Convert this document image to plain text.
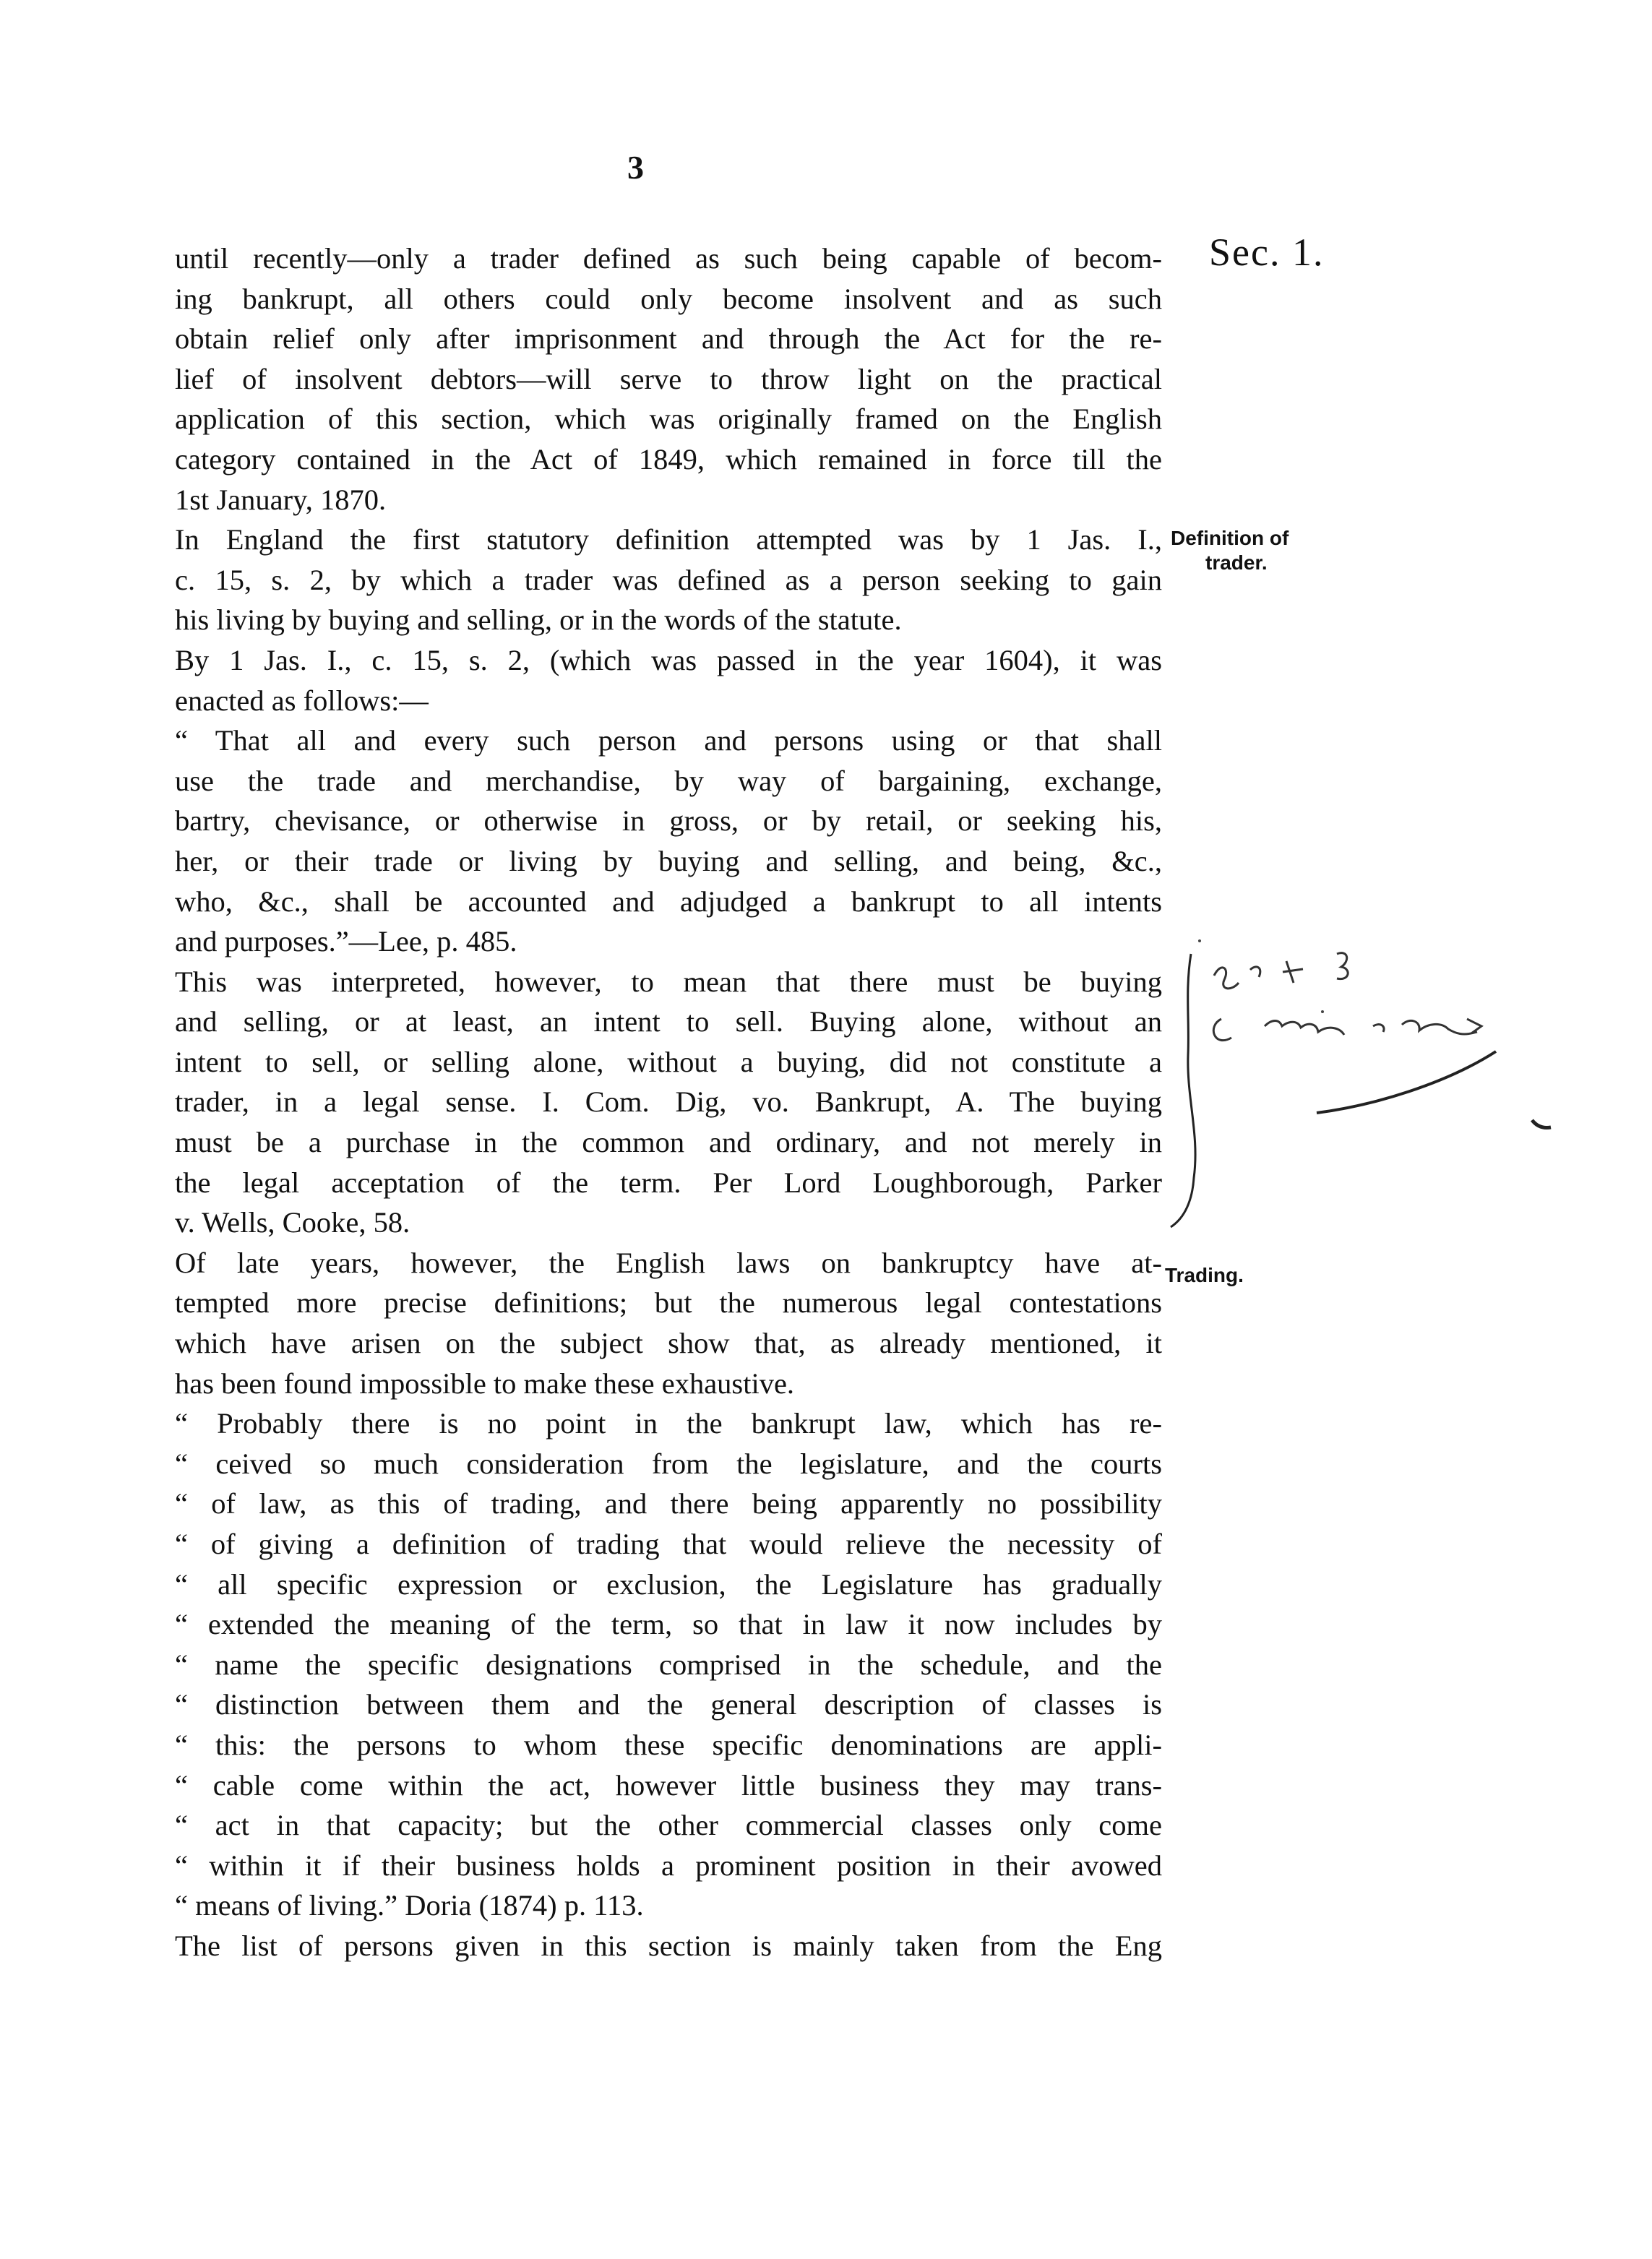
3
Sec. 1.
Definition of
trader.
Trading.
until recently—only a trader defined as such being capable of becom-
ing bankrupt, all others could only become insolvent and as such
obtain relief only after imprisonment and through the Act for the re-
lief of insolvent debtors—will serve to throw light on the practical
application of this section, which was originally framed on the English
category contained in the Act of 1849, which remained in force till the
1st January, 1870.
In England the first statutory definition attempted was by 1 Jas. I.,
c. 15, s. 2, by which a trader was defined as a person seeking to gain
his living by buying and selling, or in the words of the statute.
By 1 Jas. I., c. 15, s. 2, (which was passed in the year 1604), it was
enacted as follows:—
“ That all and every such person and persons using or that shall
use the trade and merchandise, by way of bargaining, exchange,
bartry, chevisance, or otherwise in gross, or by retail, or seeking his,
her, or their trade or living by buying and selling, and being, &c.,
who, &c., shall be accounted and adjudged a bankrupt to all intents
and purposes.”—Lee, p. 485.
This was interpreted, however, to mean that there must be buying
and selling, or at least, an intent to sell. Buying alone, without an
intent to sell, or selling alone, without a buying, did not constitute a
trader, in a legal sense. I. Com. Dig, vo. Bankrupt, A. The buying
must be a purchase in the common and ordinary, and not merely in
the legal acceptation of the term. Per Lord Loughborough, Parker
v. Wells, Cooke, 58.
Of late years, however, the English laws on bankruptcy have at-
tempted more precise definitions; but the numerous legal contestations
which have arisen on the subject show that, as already mentioned, it
has been found impossible to make these exhaustive.
“ Probably there is no point in the bankrupt law, which has re-
“ ceived so much consideration from the legislature, and the courts
“ of law, as this of trading, and there being apparently no possibility
“ of giving a definition of trading that would relieve the necessity of
“ all specific expression or exclusion, the Legislature has gradually
“ extended the meaning of the term, so that in law it now includes by
“ name the specific designations comprised in the schedule, and the
“ distinction between them and the general description of classes is
“ this: the persons to whom these specific denominations are appli-
“ cable come within the act, however little business they may trans-
“ act in that capacity; but the other commercial classes only come
“ within it if their business holds a prominent position in their avowed
“ means of living.” Doria (1874) p. 113.
The list of persons given in this section is mainly taken from the Eng
